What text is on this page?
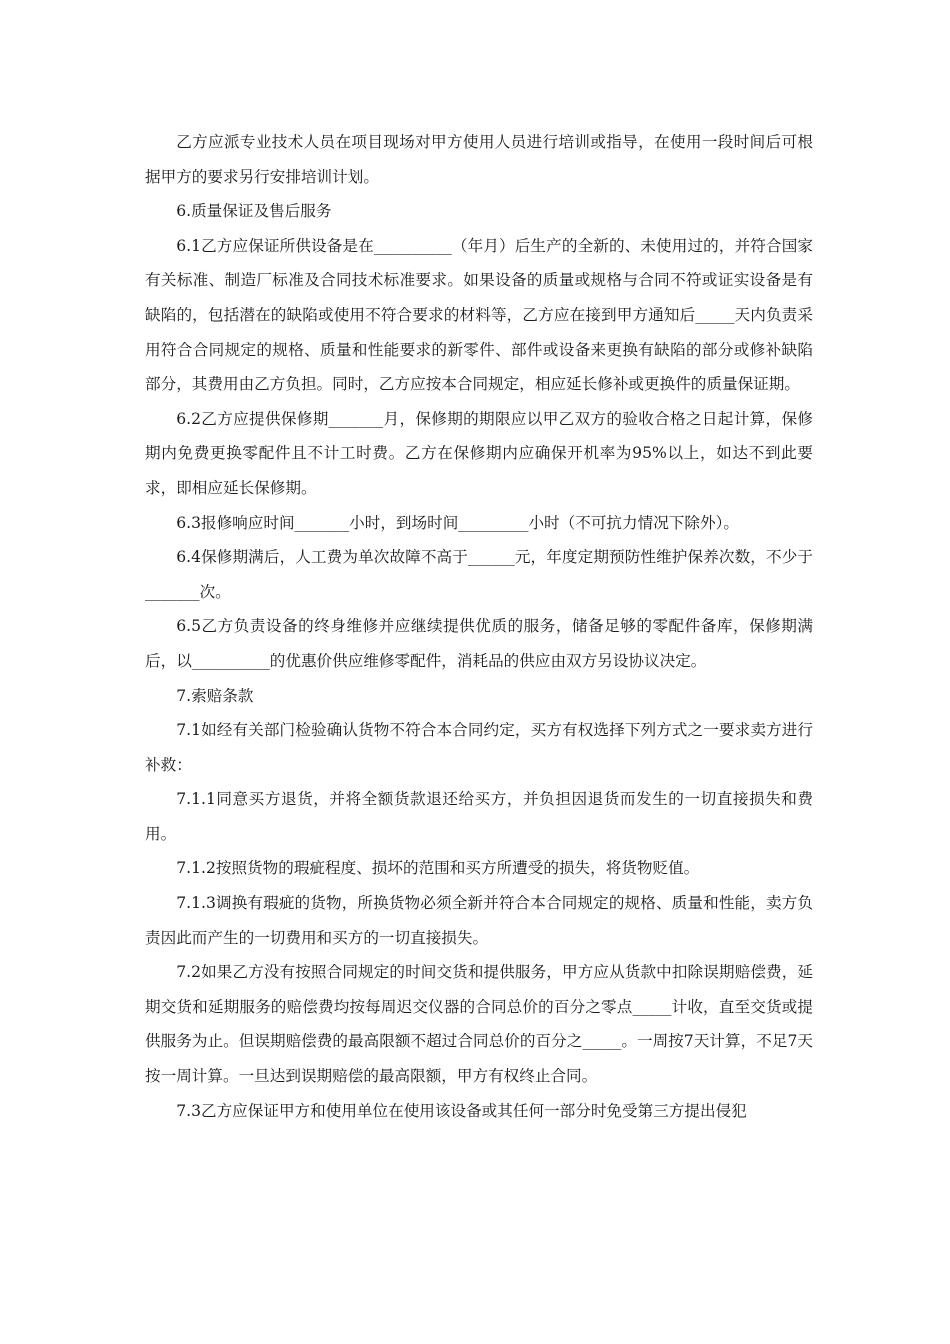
乙方应派专业技术人员在项目现场对甲方使用人员进行培训或指导，在使用一段时间后可根据甲方的要求另行安排培训计划。

6.质量保证及售后服务

6.1乙方应保证所供设备是在__________（年月）后生产的全新的、未使用过的，并符合国家有关标准、制造厂标准及合同技术标准要求。如果设备的质量或规格与合同不符或证实设备是有缺陷的，包括潜在的缺陷或使用不符合要求的材料等，乙方应在接到甲方通知后_____天内负责采用符合合同规定的规格、质量和性能要求的新零件、部件或设备来更换有缺陷的部分或修补缺陷部分，其费用由乙方负担。同时，乙方应按本合同规定，相应延长修补或更换件的质量保证期。

6.2乙方应提供保修期_______月，保修期的期限应以甲乙双方的验收合格之日起计算，保修期内免费更换零配件且不计工时费。乙方在保修期内应确保开机率为95%以上，如达不到此要求，即相应延长保修期。

6.3报修响应时间_______小时，到场时间_________小时（不可抗力情况下除外）。

6.4保修期满后，人工费为单次故障不高于______元，年度定期预防性维护保养次数，不少于_______次。

6.5乙方负责设备的终身维修并应继续提供优质的服务，储备足够的零配件备库，保修期满后，以__________的优惠价供应维修零配件，消耗品的供应由双方另设协议决定。

7.索赔条款

7.1如经有关部门检验确认货物不符合本合同约定，买方有权选择下列方式之一要求卖方进行补救：

7.1.1同意买方退货，并将全额货款退还给买方，并负担因退货而发生的一切直接损失和费用。

7.1.2按照货物的瑕疵程度、损坏的范围和买方所遭受的损失，将货物贬值。

7.1.3调换有瑕疵的货物，所换货物必须全新并符合本合同规定的规格、质量和性能，卖方负责因此而产生的一切费用和买方的一切直接损失。

7.2如果乙方没有按照合同规定的时间交货和提供服务，甲方应从货款中扣除误期赔偿费，延期交货和延期服务的赔偿费均按每周迟交仪器的合同总价的百分之零点_____计收，直至交货或提供服务为止。但误期赔偿费的最高限额不超过合同总价的百分之_____。一周按7天计算，不足7天按一周计算。一旦达到误期赔偿的最高限额，甲方有权终止合同。

7.3乙方应保证甲方和使用单位在使用该设备或其任何一部分时免受第三方提出侵犯
